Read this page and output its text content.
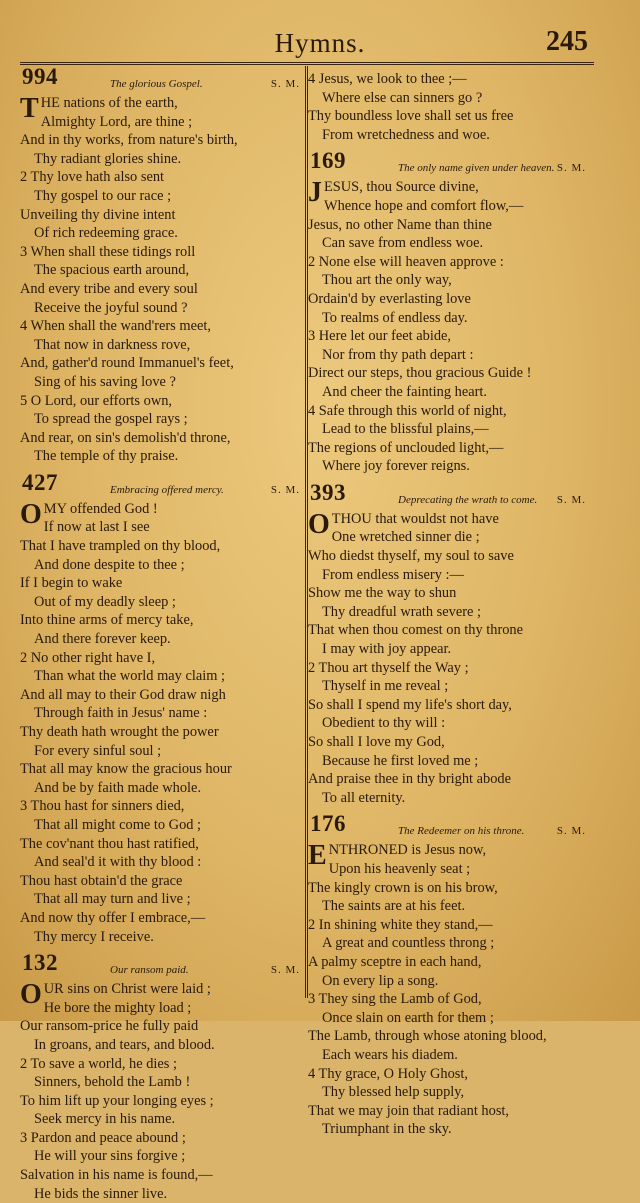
Hymns.	245
994	The glorious Gospel.	S. M.
T HE nations of the earth,
Almighty Lord, are thine ;
And in thy works, from nature's birth,
Thy radiant glories shine.
2 Thy love hath also sent
Thy gospel to our race ;
Unveiling thy divine intent
Of rich redeeming grace.
3 When shall these tidings roll
The spacious earth around,
And every tribe and every soul
Receive the joyful sound ?
4 When shall the wand'rers meet,
That now in darkness rove,
And, gather'd round Immanuel's feet,
Sing of his saving love ?
5 O Lord, our efforts own,
To spread the gospel rays ;
And rear, on sin's demolish'd throne,
The temple of thy praise.
427	Embracing offered mercy.	S. M.
O MY offended God !
If now at last I see
That I have trampled on thy blood,
And done despite to thee ;
If I begin to wake
Out of my deadly sleep ;
Into thine arms of mercy take,
And there forever keep.
2 No other right have I,
Than what the world may claim ;
And all may to their God draw nigh
Through faith in Jesus' name :
Thy death hath wrought the power
For every sinful soul ;
That all may know the gracious hour
And be by faith made whole.
3 Thou hast for sinners died,
That all might come to God ;
The cov'nant thou hast ratified,
And seal'd it with thy blood :
Thou hast obtain'd the grace
That all may turn and live ;
And now thy offer I embrace,—
Thy mercy I receive.
132	Our ransom paid.	S. M.
O UR sins on Christ were laid ;
He bore the mighty load ;
Our ransom-price he fully paid
In groans, and tears, and blood.
2 To save a world, he dies ;
Sinners, behold the Lamb !
To him lift up your longing eyes ;
Seek mercy in his name.
3 Pardon and peace abound ;
He will your sins forgive ;
Salvation in his name is found,—
He bids the sinner live.
4 Jesus, we look to thee ;—
Where else can sinners go ?
Thy boundless love shall set us free
From wretchedness and woe.
169	The only name given under heaven. S. M.
J ESUS, thou Source divine,
Whence hope and comfort flow,—
Jesus, no other Name than thine
Can save from endless woe.
2 None else will heaven approve :
Thou art the only way,
Ordain'd by everlasting love
To realms of endless day.
3 Here let our feet abide,
Nor from thy path depart :
Direct our steps, thou gracious Guide !
And cheer the fainting heart.
4 Safe through this world of night,
Lead to the blissful plains,—
The regions of unclouded light,—
Where joy forever reigns.
393	Deprecating the wrath to come. S. M.
O THOU that wouldst not have
One wretched sinner die ;
Who diedst thyself, my soul to save
From endless misery :—
Show me the way to shun
Thy dreadful wrath severe ;
That when thou comest on thy throne
I may with joy appear.
2 Thou art thyself the Way ;
Thyself in me reveal ;
So shall I spend my life's short day,
Obedient to thy will :
So shall I love my God,
Because he first loved me ;
And praise thee in thy bright abode
To all eternity.
176	The Redeemer on his throne.	S. M.
E NTHRONED is Jesus now,
Upon his heavenly seat ;
The kingly crown is on his brow,
The saints are at his feet.
2 In shining white they stand,—
A great and countless throng ;
A palmy sceptre in each hand,
On every lip a song.
3 They sing the Lamb of God,
Once slain on earth for them ;
The Lamb, through whose atoning blood,
Each wears his diadem.
4 Thy grace, O Holy Ghost,
Thy blessed help supply,
That we may join that radiant host,
Triumphant in the sky.
